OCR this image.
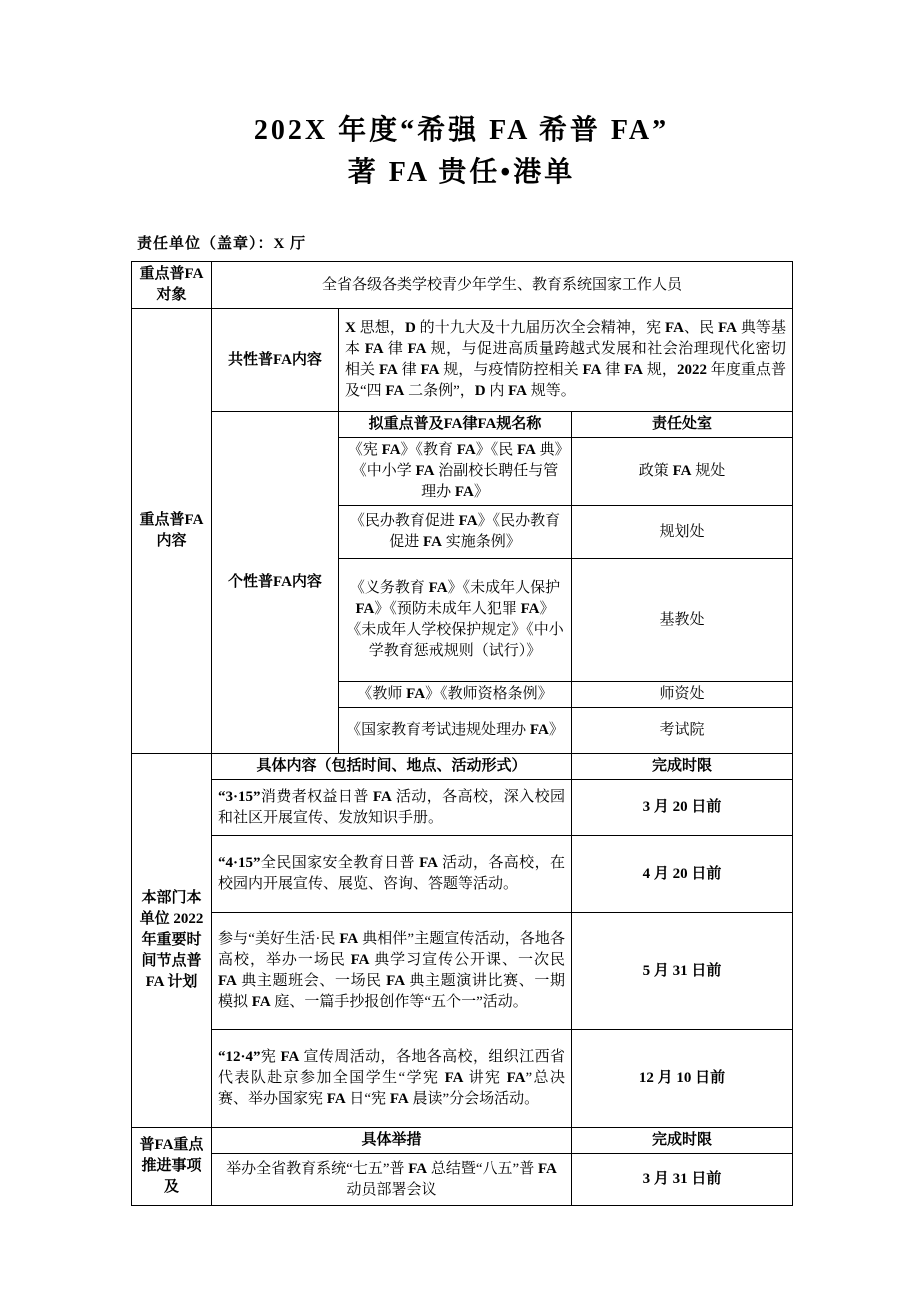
202X 年度“希强 FA 希普 FA”
著 FA 贵任•港单
责任单位（盖章）：X 厅
重点普FA对象	全省各级各类学校青少年学生、教育系统国家工作人员		
重点普FA内容	共性普FA内容	X 思想，D 的十九大及十九届历次全会精神，宪 FA、民 FA 典等基本 FA 律 FA 规，与促进高质量跨越式发展和社会治理现代化密切相关 FA 律 FA 规，与疫情防控相关 FA 律 FA 规，2022 年度重点普及“四 FA 二条例”，D 内 FA 规等。	
	个性普FA内容	拟重点普及FA律FA规名称	责任处室
		《宪 FA》《教育 FA》《民 FA 典》《中小学 FA 治副校长聘任与管理办 FA》	政策 FA 规处
		《民办教育促进 FA》《民办教育促进 FA 实施条例》	规划处
		《义务教育 FA》《未成年人保护 FA》《预防未成年人犯罪 FA》《未成年人学校保护规定》《中小学教育惩戒规则（试行）》	基教处
		《教师 FA》《教师资格条例》	师资处
		《国家教育考试违规处理办 FA》	考试院
本部门本单位 2022 年重要时间节点普 FA 计划	具体内容（包括时间、地点、活动形式）		完成时限
	“3·15”消费者权益日普 FA 活动，各高校，深入校园和社区开展宣传、发放知识手册。		3 月 20 日前
	“4·15”全民国家安全教育日普 FA 活动，各高校，在校园内开展宣传、展览、咨询、答题等活动。		4 月 20 日前
	参与“美好生活·民 FA 典相伴”主题宣传活动，各地各高校，举办一场民 FA 典学习宣传公开课、一次民 FA 典主题班会、一场民 FA 典主题演讲比赛、一期模拟 FA 庭、一篇手抄报创作等“五个一”活动。		5 月 31 日前
	“12·4”宪 FA 宣传周活动，各地各高校，组织江西省代表队赴京参加全国学生“学宪 FA 讲宪 FA”总决赛、举办国家宪 FA 日“宪 FA 晨读”分会场活动。		12 月 10 日前
普FA重点推进事项及	具体举措		完成时限
	举办全省教育系统“七五”普 FA 总结暨“八五”普 FA 动员部署会议		3 月 31 日前
